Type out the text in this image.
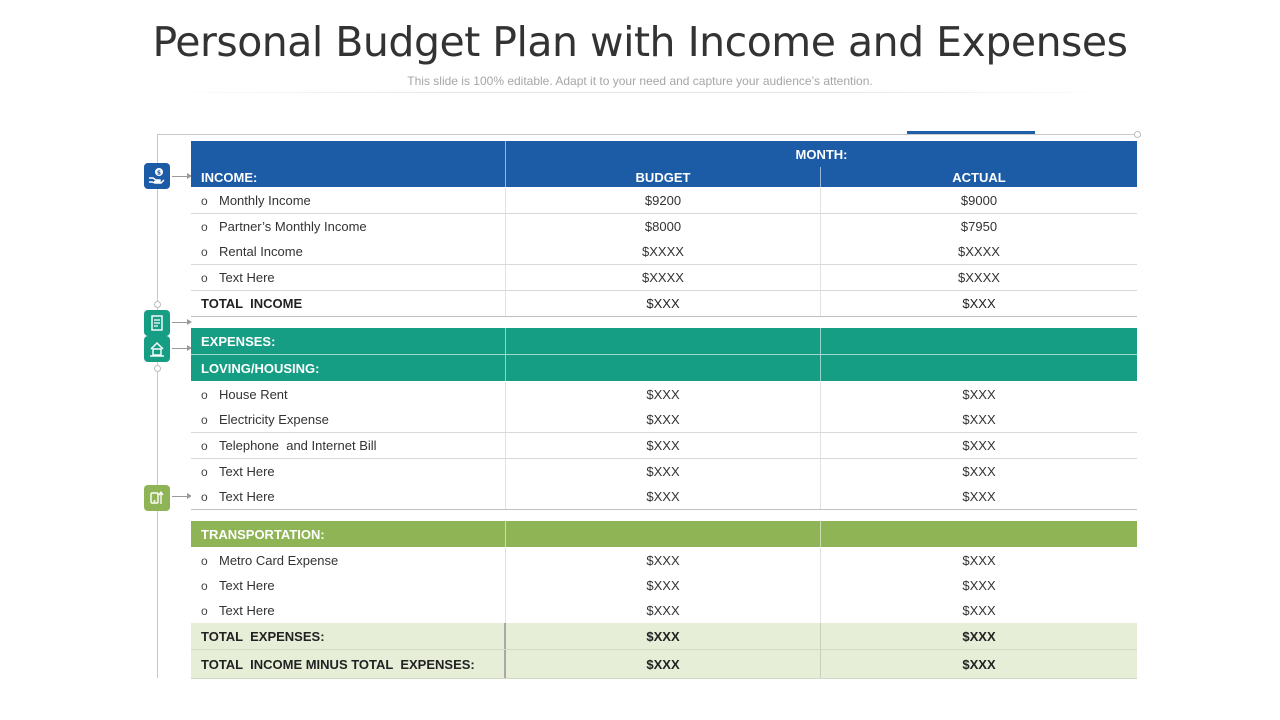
Personal Budget Plan with Income and Expenses
This slide is 100% editable. Adapt it to your need and capture your audience’s attention.
$
MONTH:
INCOME:	BUDGET	ACTUAL
o Monthly Income	$9200	$9000
o Partner’s Monthly Income	$8000	$7950
o Rental Income	$XXXX	$XXXX
o Text Here	$XXXX	$XXXX
TOTAL  INCOME	$XXX	$XXX
EXPENSES:
LOVING/HOUSING:
o House Rent	$XXX	$XXX
o Electricity Expense	$XXX	$XXX
o Telephone  and Internet Bill	$XXX	$XXX
o Text Here	$XXX	$XXX
o Text Here	$XXX	$XXX
TRANSPORTATION:
o Metro Card Expense	$XXX	$XXX
o Text Here	$XXX	$XXX
o Text Here	$XXX	$XXX
TOTAL  EXPENSES:	$XXX	$XXX
TOTAL  INCOME MINUS TOTAL  EXPENSES:	$XXX	$XXX
